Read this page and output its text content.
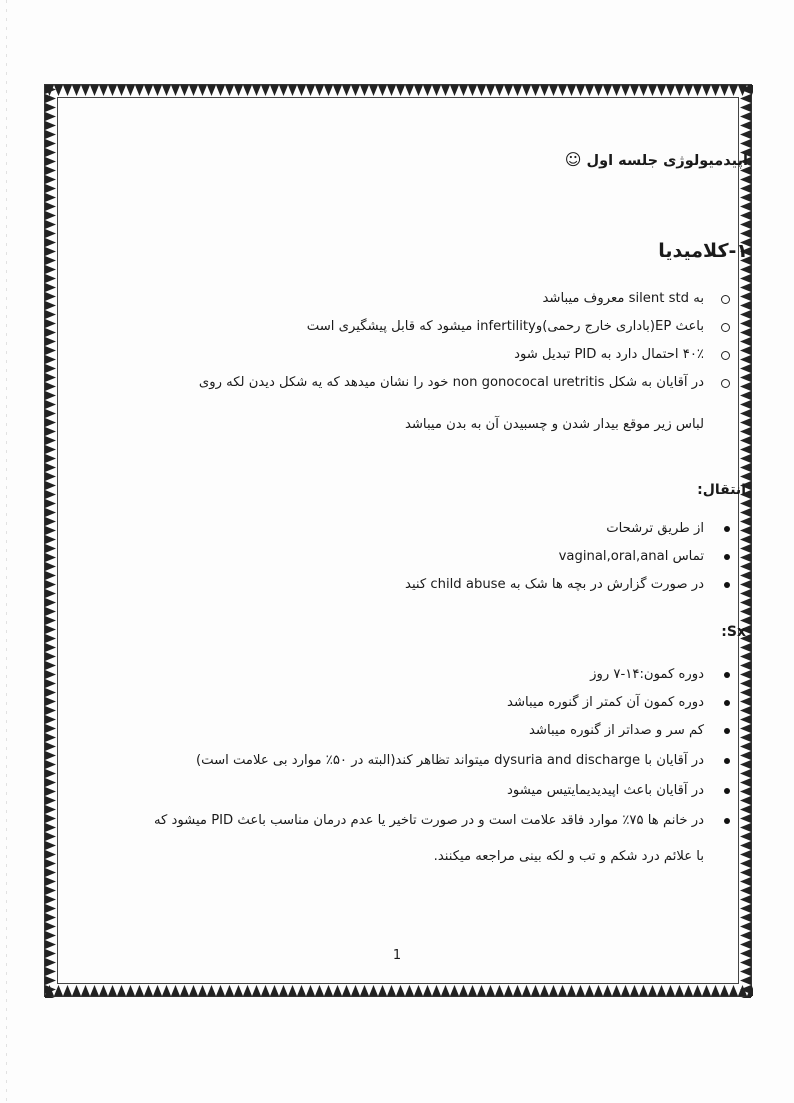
اپیدمیولوژی جلسه اول ☺

۱-کلامیدیا

به silent std معروف میباشد
باعث EP(باداری خارج رحمی)وinfertility میشود که قابل پیشگیری است
۴۰٪ احتمال دارد به PID تبدیل شود
در آقایان به شکل non gonococal uretritis خود را نشان میدهد که یه شکل دیدن لکه روی

لباس زیر موقع بیدار شدن و چسبیدن آن به بدن میباشد

انتقال:

از طریق ترشحات
تماس vaginal,oral,anal
در صورت گزارش در بچه ها شک به child abuse کنید

Sx:

دوره کمون:۱۴-۷ روز
دوره کمون آن کمتر از گنوره میباشد
کم سر و صداتر از گنوره میباشد
در آقایان با dysuria and discharge میتواند تظاهر کند(البته در ۵۰٪ موارد بی علامت است)
در آقایان باعث اپیدیدیمایتیس میشود
در خانم ها ۷۵٪ موارد فاقد علامت است و در صورت تاخیر یا عدم درمان مناسب باعث PID میشود که

با علائم درد شکم و تب و لکه بینی مراجعه میکنند.

1
